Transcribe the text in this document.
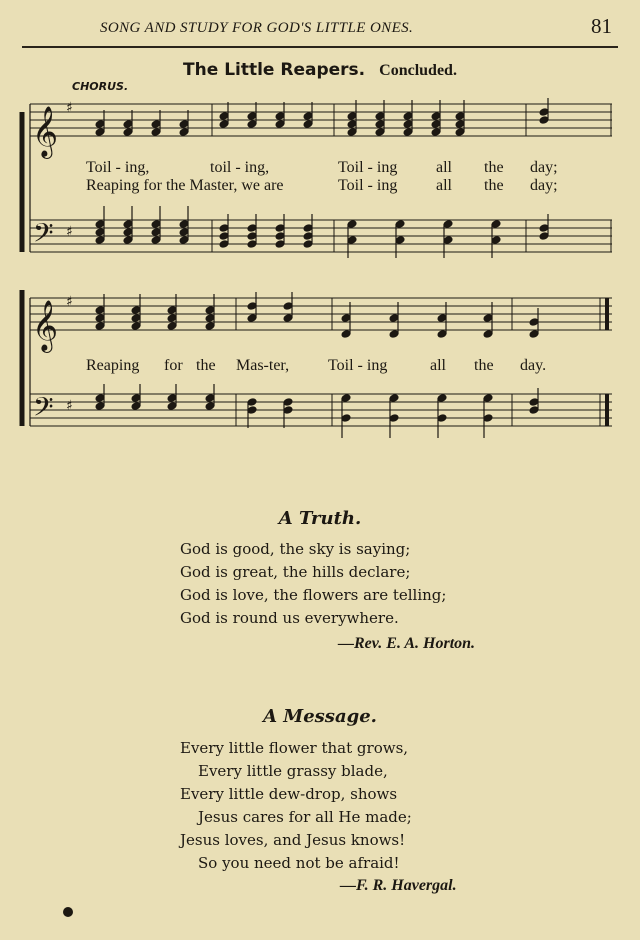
SONG AND STUDY FOR GOD'S LITTLE ONES.	81
The Little Reapers. Concluded.
CHORUS.
𝄞
𝄢
𝄞
𝄢
♯
♯
♯
♯
Toil - ing,	toil - ing,	Toil - ing all the day;
Reaping for the Master, we are	Toil - ing all the day;
Reaping for the Mas-ter, Toil - ing	all the day.
A Truth.
God is good, the sky is saying;
God is great, the hills declare;
God is love, the flowers are telling;
God is round us everywhere.
—Rev. E. A. Horton.
A Message.
Every little flower that grows,
Every little grassy blade,
Every little dew-drop, shows
Jesus cares for all He made;
Jesus loves, and Jesus knows!
So you need not be afraid!
—F. R. Havergal.
